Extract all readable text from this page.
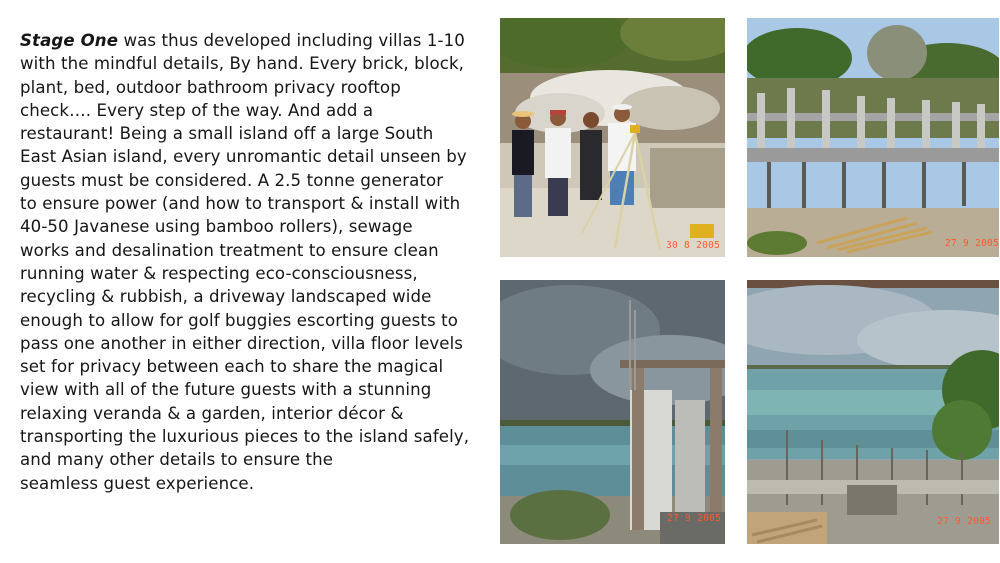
Stage One was thus developed including villas 1-10
with the mindful details, By hand. Every brick, block,
plant, bed, outdoor bathroom privacy rooftop
check…. Every step of the way. And add a
restaurant! Being a small island off a large South
East Asian island, every unromantic detail unseen by
guests must be considered. A 2.5 tonne generator
to ensure power (and how to transport & install with
40-50 Javanese using bamboo rollers), sewage
works and desalination treatment to ensure clean
running water & respecting eco-consciousness,
recycling & rubbish, a driveway landscaped wide
enough to allow for golf buggies escorting guests to
pass one another in either direction, villa floor levels
set for privacy between each to share the magical
view with all of the future guests with a stunning
relaxing veranda & a garden, interior décor &
transporting the luxurious pieces to the island safely,
and many other details to ensure the
seamless guest experience.
30 8 2005	27 9 2005
27 9 2005	27 9 2005
